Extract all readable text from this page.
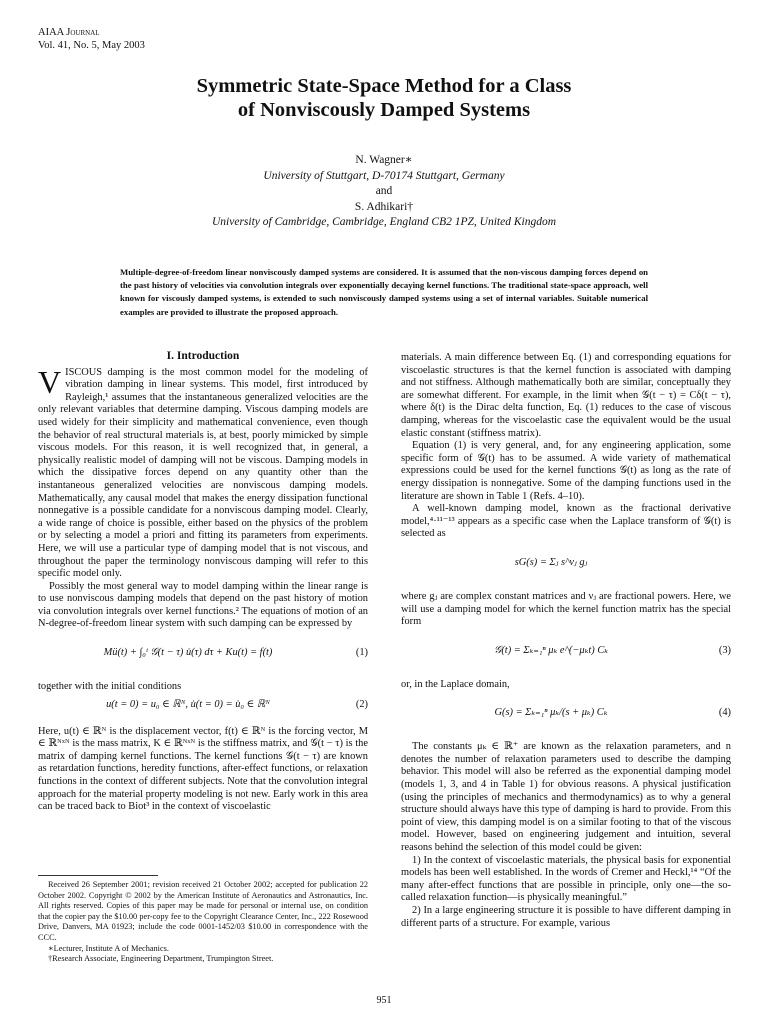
AIAA Journal
Vol. 41, No. 5, May 2003
Symmetric State-Space Method for a Class
of Nonviscously Damped Systems
N. Wagner∗
University of Stuttgart, D-70174 Stuttgart, Germany
and
S. Adhikari†
University of Cambridge, Cambridge, England CB2 1PZ, United Kingdom
Multiple-degree-of-freedom linear nonviscously damped systems are considered. It is assumed that the non-viscous damping forces depend on the past history of velocities via convolution integrals over exponentially decaying kernel functions. The traditional state-space approach, well known for viscously damped systems, is extended to such nonviscously damped systems using a set of internal variables. Suitable numerical examples are provided to illustrate the proposed approach.
I. Introduction

VISCOUS damping is the most common model for the modeling of vibration damping in linear systems. This model, first introduced by Rayleigh,¹ assumes that the instantaneous generalized velocities are the only relevant variables that determine damping. Viscous damping models are used widely for their simplicity and mathematical convenience, even though the behavior of real structural materials is, at best, poorly mimicked by simple viscous models. For this reason, it is well recognized that, in general, a physically realistic model of damping will not be viscous. Damping models in which the dissipative forces depend on any quantity other than the instantaneous generalized velocities are nonviscous damping models. Mathematically, any causal model that makes the energy dissipation functional nonnegative is a possible candidate for a nonviscous damping model. Clearly, a wide range of choice is possible, either based on the physics of the problem or by selecting a model a priori and fitting its parameters from experiments. Here, we will use a particular type of damping model that is not viscous, and throughout the paper the terminology nonviscous damping will refer to this specific model only.

Possibly the most general way to model damping within the linear range is to use nonviscous damping models that depend on the past history of motion via convolution integrals over kernel functions.² The equations of motion of an N-degree-of-freedom linear system with such damping can be expressed by

Mü(t) + ∫₀ᵗ 𝒢(t − τ) u̇(τ) dτ + Ku(t) = f(t)	(1)

together with the initial conditions

u(t = 0) = u₀ ∈ ℝᴺ, u̇(t = 0) = u̇₀ ∈ ℝᴺ	(2)

Here, u(t) ∈ ℝᴺ is the displacement vector, f(t) ∈ ℝᴺ is the forcing vector, M ∈ ℝᴺˣᴺ is the mass matrix, K ∈ ℝᴺˣᴺ is the stiffness matrix, and 𝒢(t − τ) is the matrix of damping kernel functions. The kernel functions 𝒢(t − τ) are known as retardation functions, heredity functions, after-effect functions, or relaxation functions in the context of different subjects. Note that the convolution integral approach for the material property modeling is not new. Early work in this area can be traced back to Biot³ in the context of viscoelastic

Received 26 September 2001; revision received 21 October 2002; accepted for publication 22 October 2002. Copyright © 2002 by the American Institute of Aeronautics and Astronautics, Inc. All rights reserved. Copies of this paper may be made for personal or internal use, on condition that the copier pay the $10.00 per-copy fee to the Copyright Clearance Center, Inc., 222 Rosewood Drive, Danvers, MA 01923; include the code 0001-1452/03 $10.00 in correspondence with the CCC.

∗Lecturer, Institute A of Mechanics.

†Research Associate, Engineering Department, Trumpington Street.

materials. A main difference between Eq. (1) and corresponding equations for viscoelastic structures is that the kernel function is associated with damping and not stiffness. Although mathematically both are similar, conceptually they are somewhat different. For example, in the limit when 𝒢(t − τ) = Cδ(t − τ), where δ(t) is the Dirac delta function, Eq. (1) reduces to the case of viscous damping, whereas for the viscoelastic case the equivalent would be the usual elastic constant (stiffness matrix).

Equation (1) is very general, and, for any engineering application, some specific form of 𝒢(t) has to be assumed. A wide variety of mathematical expressions could be used for the kernel functions 𝒢(t) as long as the rate of energy dissipation is nonnegative. Some of the damping functions used in the literature are shown in Table 1 (Refs. 4–10).

A well-known damping model, known as the fractional derivative model,⁴·¹¹⁻¹³ appears as a specific case when the Laplace transform of 𝒢(t) is selected as

sG(s) = Σⱼ s^νⱼ gⱼ

where gⱼ are complex constant matrices and νⱼ are fractional powers. Here, we will use a damping model for which the kernel function matrix has the special form

𝒢(t) = Σₖ₌₁ⁿ μₖ e^(−μₖt) Cₖ	(3)

or, in the Laplace domain,

G(s) = Σₖ₌₁ⁿ μₖ/(s + μₖ) Cₖ	(4)

The constants μₖ ∈ ℝ⁺ are known as the relaxation parameters, and n denotes the number of relaxation parameters used to describe the damping behavior. This model will also be referred as the exponential damping model (models 1, 3, and 4 in Table 1) for obvious reasons. A physical justification (using the principles of mechanics and thermodynamics) as to why a general structure should always have this type of damping is hard to provide. From this point of view, this damping model is on a similar footing to that of the viscous model. However, based on engineering judgement and intuition, several reasons behind the selection of this model could be given:

1) In the context of viscoelastic materials, the physical basis for exponential models has been well established. In the words of Cremer and Heckl,¹⁴ “Of the many after-effect functions that are possible in principle, only one—the so-called relaxation function—is physically meaningful.”

2) In a large engineering structure it is possible to have different damping in different parts of a structure. For example, various

951
